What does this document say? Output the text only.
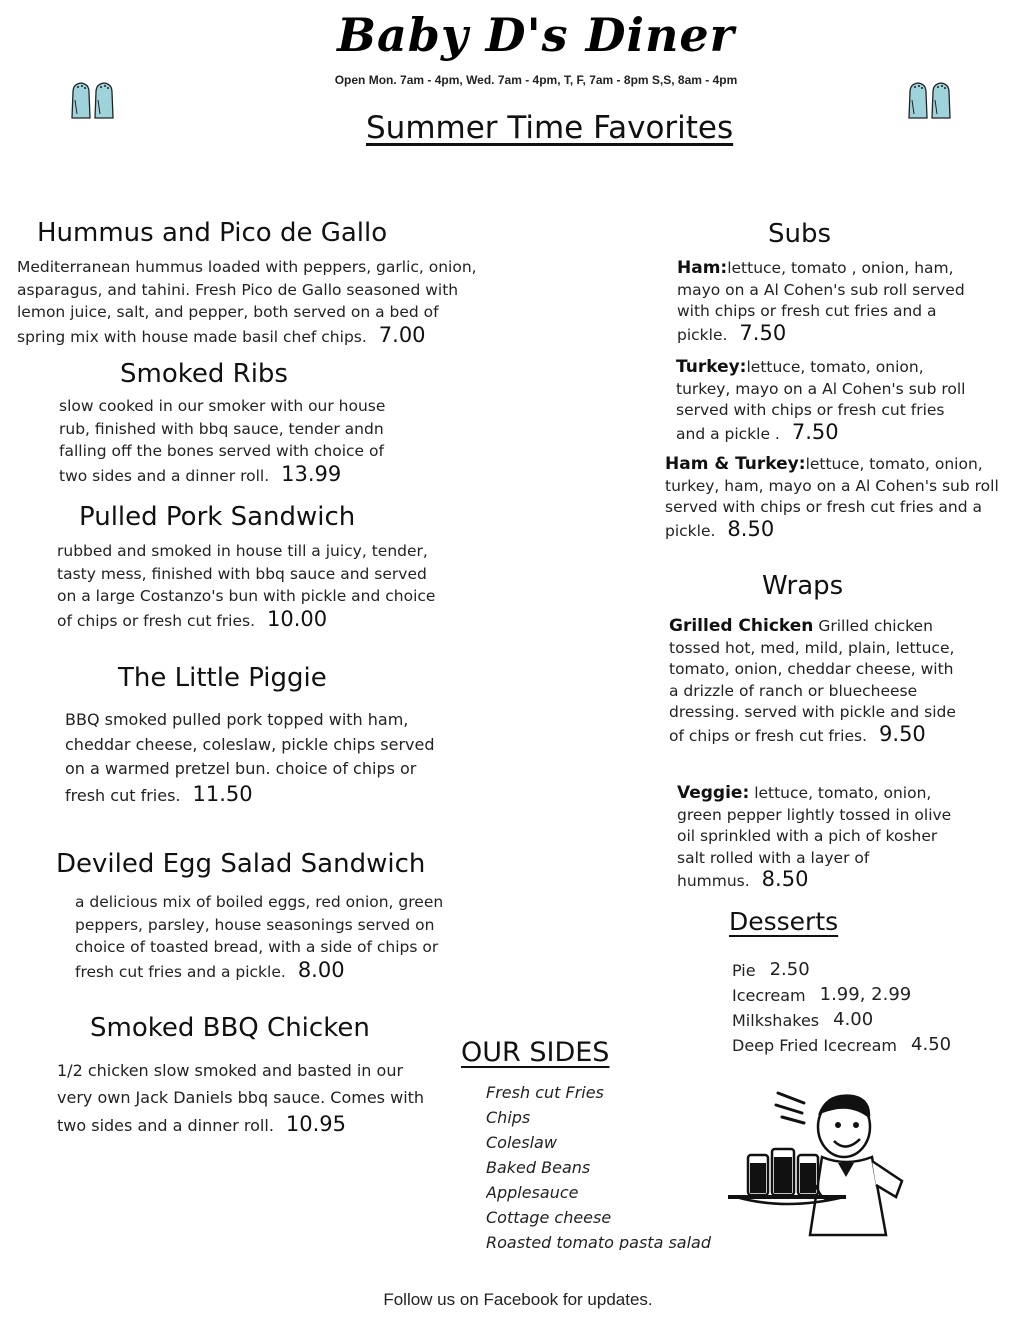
Baby D's Diner
Open Mon. 7am - 4pm, Wed. 7am - 4pm, T, F, 7am - 8pm S,S, 8am - 4pm
Summer Time Favorites
Hummus and Pico de Gallo
Mediterranean hummus loaded with peppers, garlic, onion, asparagus, and tahini. Fresh Pico de Gallo seasoned with lemon juice, salt, and pepper, both served on a bed of spring mix with house made basil chef chips. 7.00
Smoked Ribs
slow cooked in our smoker with our house rub, finished with bbq sauce, tender andn falling off the bones served with choice of two sides and a dinner roll. 13.99
Pulled Pork Sandwich
rubbed and smoked in house till a juicy, tender, tasty mess, finished with bbq sauce and served on a large Costanzo's bun with pickle and choice of chips or fresh cut fries. 10.00
The Little Piggie
BBQ smoked pulled pork topped with ham, cheddar cheese, coleslaw, pickle chips served on a warmed pretzel bun. choice of chips or fresh cut fries. 11.50
Deviled Egg Salad Sandwich
a delicious mix of boiled eggs, red onion, green peppers, parsley, house seasonings served on choice of toasted bread, with a side of chips or fresh cut fries and a pickle. 8.00
Smoked BBQ Chicken
1/2 chicken slow smoked and basted in our very own Jack Daniels bbq sauce. Comes with two sides and a dinner roll. 10.95
Subs
Ham:lettuce, tomato , onion, ham, mayo on a Al Cohen's sub roll served with chips or fresh cut fries and a pickle. 7.50
Turkey:lettuce, tomato, onion, turkey, mayo on a Al Cohen's sub roll served with chips or fresh cut fries and a pickle . 7.50
Ham & Turkey:lettuce, tomato, onion, turkey, ham, mayo on a Al Cohen's sub roll served with chips or fresh cut fries and a pickle. 8.50
Wraps
Grilled Chicken Grilled chicken tossed hot, med, mild, plain, lettuce, tomato, onion, cheddar cheese, with a drizzle of ranch or bluecheese dressing. served with pickle and side of chips or fresh cut fries. 9.50
Veggie: lettuce, tomato, onion, green pepper lightly tossed in olive oil sprinkled with a pich of kosher salt rolled with a layer of hummus. 8.50
Desserts
Pie 2.50
Icecream 1.99, 2.99
Milkshakes 4.00
Deep Fried Icecream 4.50
OUR SIDES
Fresh cut Fries
Chips
Coleslaw
Baked Beans
Applesauce
Cottage cheese
Roasted tomato pasta salad
Follow us on Facebook for updates.
